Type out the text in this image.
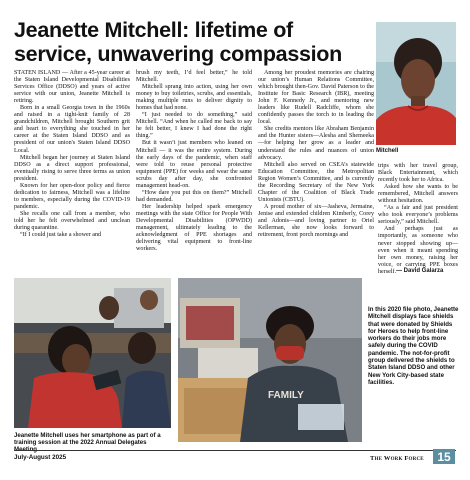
Jeanette Mitchell: lifetime of service, unwavering compassion

STATEN ISLAND — After a 45-year career at the Staten Island Developmental Disabilities Services Office (DDSO) and years of active service with our union, Jeanette Mitchell is retiring.

Born in a small Georgia town in the 1960s and raised in a tight-knit family of 28 grandchildren, Mitchell brought Southern grit and heart to everything she touched in her career at the Staten Island DDSO and as president of our union's Staten Island DDSO Local.

Mitchell began her journey at Staten Island DDSO as a direct support professional, eventually rising to serve three terms as union president.

Known for her open-door policy and fierce dedication to fairness, Mitchell was a lifeline to members, especially during the COVID-19 pandemic.

She recalls one call from a member, who told her he felt overwhelmed and unclean during quarantine.

“If I could just take a shower and

brush my teeth, I’d feel better,” he told Mitchell.

Mitchell sprang into action, using her own money to buy toiletries, scrubs, and essentials, making multiple runs to deliver dignity to homes that had none.

“I just needed to do something,” said Mitchell. “And when he called me back to say he felt better, I knew I had done the right thing.”

But it wasn’t just members who leaned on Mitchell — it was the entire system. During the early days of the pandemic, when staff were told to reuse personal protective equipment (PPE) for weeks and wear the same scrubs day after day, she confronted management head-on.

“How dare you put this on them?” Mitchell had demanded.

Her leadership helped spark emergency meetings with the state Office for People With Developmental Disabilities (OPWDD) management, ultimately leading to the acknowledgment of PPE shortages and delivering vital equipment to front-line workers.

Among her proudest memories are chairing our union’s Human Relations Committee, which brought then-Gov. David Paterson to the Institute for Basic Research (IBR), meeting John F. Kennedy Jr., and mentoring new leaders like Rudell Radcliffe, whom she confidently passes the torch to in leading the local.

She credits mentors like Abraham Benjamin and the Hunter sisters—Alesha and Shemeeka—for helping her grow as a leader and understand the rules and nuances of union advocacy.

Mitchell also served on CSEA’s statewide Education Committee, the Metropolitan Region Women’s Committee, and is currently the Recording Secretary of the New York Chapter of the Coalition of Black Trade Unionists (CBTU).

A proud mother of six—Jasheva, Jermaine, Jenise and extended children Kimberly, Corey and Adonis—and loving partner to Oriel Kellerman, she now looks forward to retirement, front porch mornings and

trips with her travel group, Black Entertainment, which recently took her to Africa.

Asked how she wants to be remembered, Mitchell answers without hesitation.

“As a fair and just president who took everyone’s problems seriously,” said Mitchell.

And perhaps just as importantly, as someone who never stopped showing up—even when it meant spending her own money, raising her voice, or carrying PPE boxes herself.

Mitchell
— David Galarza
Jeanette Mitchell uses her smartphone as part of a training session at the 2022 Annual Delegates Meeting.
FAMILY
In this 2020 file photo, Jeanette Mitchell displays face shields that were donated by Shields for Heroes to help front-line workers do their jobs more safely during the COVID pandemic. The not-for-profit group delivered the shields to Staten Island DDSO and other New York City-based state facilities.
July-August 2025	The Work Force	15
